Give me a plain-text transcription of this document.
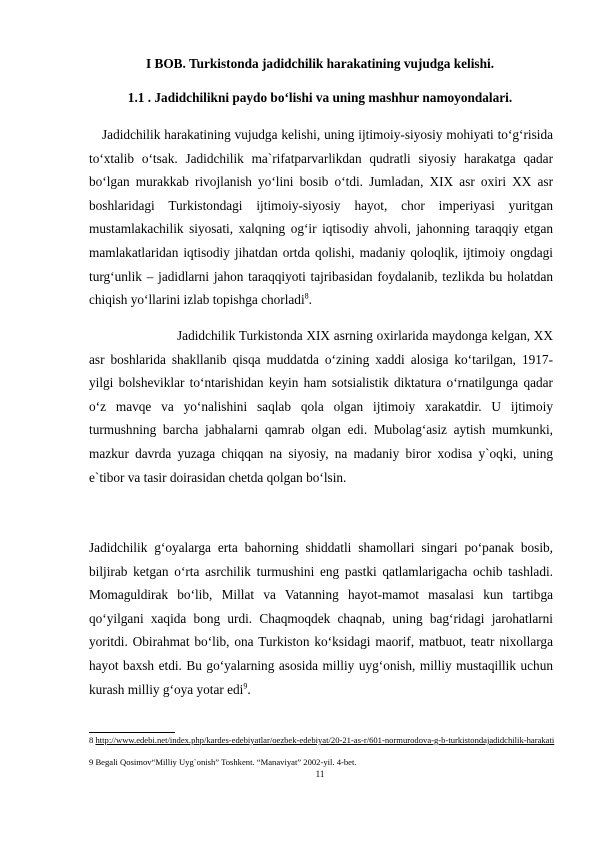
I BOB. Turkistonda jadidchilik harakatining vujudga kelishi.
1.1 . Jadidchilikni paydo bo‘lishi va uning mashhur namoyondalari.

Jadidchilik harakatining vujudga kelishi, uning ijtimoiy-siyosiy mohiyati to‘g‘risida to‘xtalib o‘tsak. Jadidchilik ma`rifatparvarlikdan qudratli siyosiy harakatga qadar bo‘lgan murakkab rivojlanish yo‘lini bosib o‘tdi. Jumladan, XIX asr oxiri XX asr boshlaridagi Turkistondagi ijtimoiy-siyosiy hayot, chor imperiyasi yuritgan mustamlakachilik siyosati, xalqning og‘ir iqtisodiy ahvoli, jahonning taraqqiy etgan mamlakatlaridan iqtisodiy jihatdan ortda qolishi, madaniy qoloqlik, ijtimoiy ongdagi turg‘unlik – jadidlarni jahon taraqqiyoti tajribasidan foydalanib, tezlikda bu holatdan chiqish yo‘llarini izlab topishga chorladi$^8$.

Jadidchilik Turkistonda XIX asrning oxirlarida maydonga kelgan, XX asr boshlarida shakllanib qisqa muddatda o‘zining xaddi alosiga ko‘tarilgan, 1917-yilgi bolsheviklar to‘ntarishidan keyin ham sotsialistik diktatura o‘rnatilgunga qadar o‘z mavqe va yo‘nalishini saqlab qola olgan ijtimoiy xarakatdir. U ijtimoiy turmushning barcha jabhalarni qamrab olgan edi. Mubolag‘asiz aytish mumkunki, mazkur davrda yuzaga chiqqan na siyosiy, na madaniy biror xodisa y`oqki, uning e`tibor va tasir doirasidan chetda qolgan bo‘lsin.

Jadidchilik g‘oyalarga erta bahorning shiddatli shamollari singari po‘panak bosib, biljirab ketgan o‘rta asrchilik turmushini eng pastki qatlamlarigacha ochib tashladi. Momaguldirak bo‘lib, Millat va Vatanning hayot-mamot masalasi kun tartibga qo‘yilgani xaqida bong urdi. Chaqmoqdek chaqnab, uning bag‘ridagi jarohatlarni yoritdi. Obirahmat bo‘lib, ona Turkiston ko‘ksidagi maorif, matbuot, teatr nixollarga hayot baxsh etdi. Bu go‘yalarning asosida milliy uyg‘onish, milliy mustaqillik uchun kurash milliy g‘oya yotar edi$^9$.

8 http://www.edebi.net/index.php/kardes-edebiyatlar/oezbek-edebiyat/20-21-as-r/601-normurodova-g-b-turkistondajadidchilik-harakati
9 Begali Qosimov“Milliy Uyg`onish” Toshkent. “Manaviyat” 2002-yil. 4-bet.
11
